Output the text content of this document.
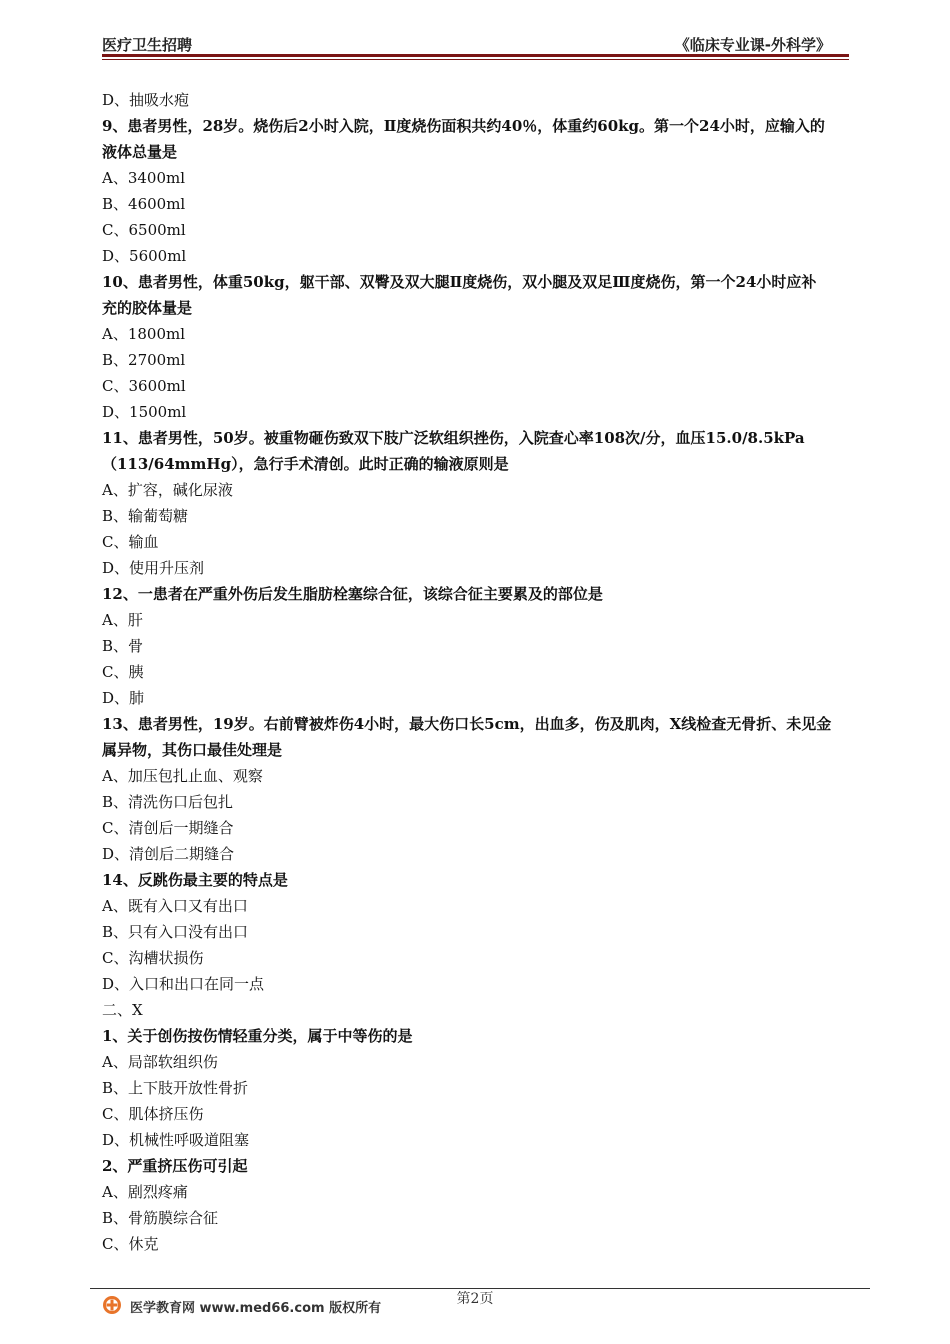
医疗卫生招聘	《临床专业课-外科学》
D、抽吸水疱
9、患者男性，28岁。烧伤后2小时入院，Ⅱ度烧伤面积共约40％，体重约60kg。第一个24小时，应输入的
液体总量是
A、3400ml
B、4600ml
C、6500ml
D、5600ml
10、患者男性，体重50kg，躯干部、双臀及双大腿Ⅱ度烧伤，双小腿及双足Ⅲ度烧伤，第一个24小时应补
充的胶体量是
A、1800ml
B、2700ml
C、3600ml
D、1500ml
11、患者男性，50岁。被重物砸伤致双下肢广泛软组织挫伤，入院查心率108次/分，血压15.0/8.5kPa
（113/64mmHg），急行手术清创。此时正确的输液原则是
A、扩容，碱化尿液
B、输葡萄糖
C、输血
D、使用升压剂
12、一患者在严重外伤后发生脂肪栓塞综合征，该综合征主要累及的部位是
A、肝
B、骨
C、胰
D、肺
13、患者男性，19岁。右前臂被炸伤4小时，最大伤口长5cm，出血多，伤及肌肉，X线检查无骨折、未见金
属异物，其伤口最佳处理是
A、加压包扎止血、观察
B、清洗伤口后包扎
C、清创后一期缝合
D、清创后二期缝合
14、反跳伤最主要的特点是
A、既有入口又有出口
B、只有入口没有出口
C、沟槽状损伤
D、入口和出口在同一点
二、X
1、关于创伤按伤情轻重分类，属于中等伤的是
A、局部软组织伤
B、上下肢开放性骨折
C、肌体挤压伤
D、机械性呼吸道阻塞
2、严重挤压伤可引起
A、剧烈疼痛
B、骨筋膜综合征
C、休克
第2页
医学教育网 www.med66.com 版权所有
